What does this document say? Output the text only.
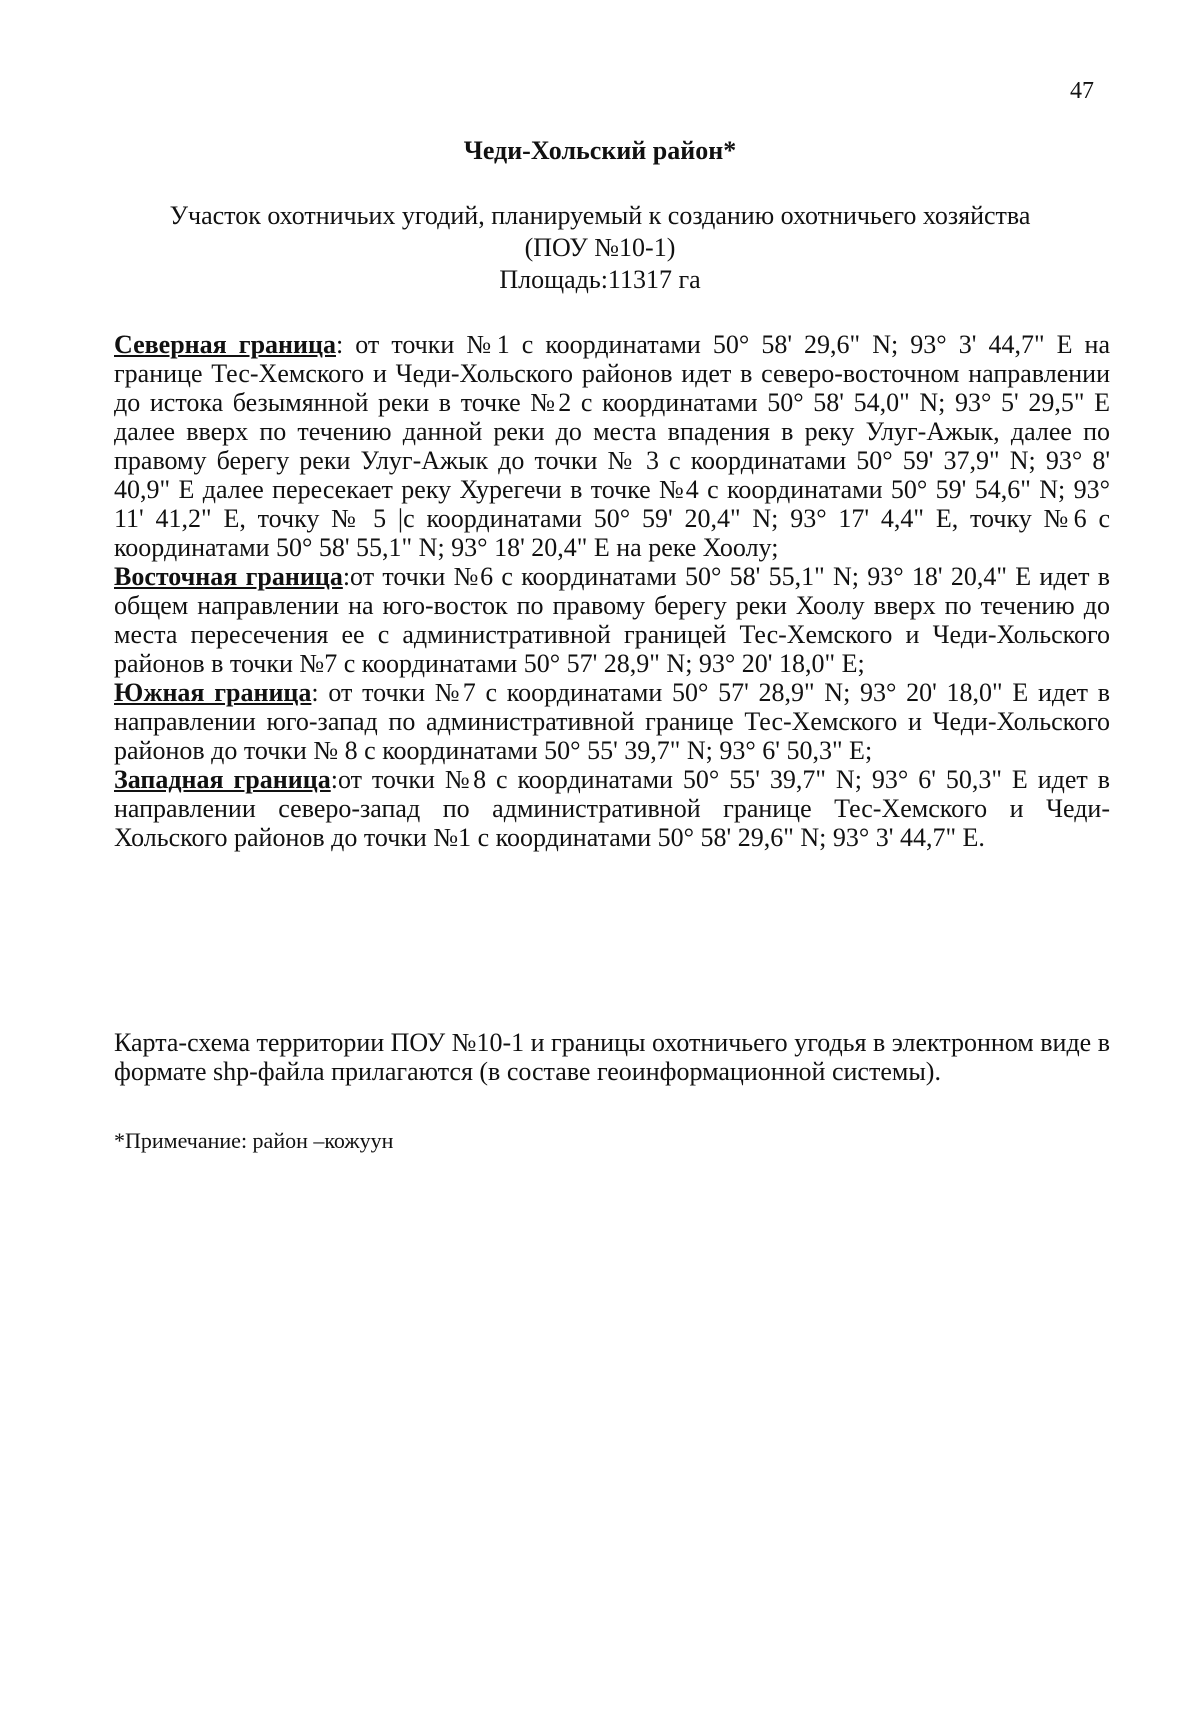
47
Чеди-Хольский район*
Участок охотничьих угодий, планируемый к созданию охотничьего хозяйства
(ПОУ №10-1)
Площадь:11317 га

Северная граница: от точки №1 с координатами 50° 58' 29,6" N; 93° 3' 44,7" E на границе Тес-Хемского и Чеди-Хольского районов идет в северо-восточном направлении до истока безымянной реки в точке №2 с координатами 50° 58' 54,0" N; 93° 5' 29,5" E далее вверх по течению данной реки до места впадения в реку Улуг-Ажык, далее по правому берегу реки Улуг-Ажык до точки № 3 с координатами 50° 59' 37,9" N; 93° 8' 40,9" E далее пересекает реку Хурегечи в точке №4 с координатами 50° 59' 54,6" N; 93° 11' 41,2" E, точку № 5 |с координатами 50° 59' 20,4" N; 93° 17' 4,4" E, точку №6 с координатами 50° 58' 55,1" N; 93° 18' 20,4" E на реке Хоолу;

Восточная граница:от точки №6 с координатами 50° 58' 55,1" N; 93° 18' 20,4" E идет в общем направлении на юго-восток по правому берегу реки Хоолу вверх по течению до места пересечения ее с административной границей Тес-Хемского и Чеди-Хольского районов в точки №7 с координатами 50° 57' 28,9" N; 93° 20' 18,0" E;

Южная граница: от точки №7 с координатами 50° 57' 28,9" N; 93° 20' 18,0" E идет в направлении юго-запад по административной границе Тес-Хемского и Чеди-Хольского районов до точки № 8 с координатами 50° 55' 39,7" N; 93° 6' 50,3" E;

Западная граница:от точки №8 с координатами 50° 55' 39,7" N; 93° 6' 50,3" E идет в направлении северо-запад по административной границе Тес-Хемского и Чеди-Хольского районов до точки №1 с координатами 50° 58' 29,6" N; 93° 3' 44,7" E.

Карта-схема территории ПОУ №10-1 и границы охотничьего угодья в электронном виде в формате shp-файла прилагаются (в составе геоинформационной системы).
*Примечание: район –кожуун
